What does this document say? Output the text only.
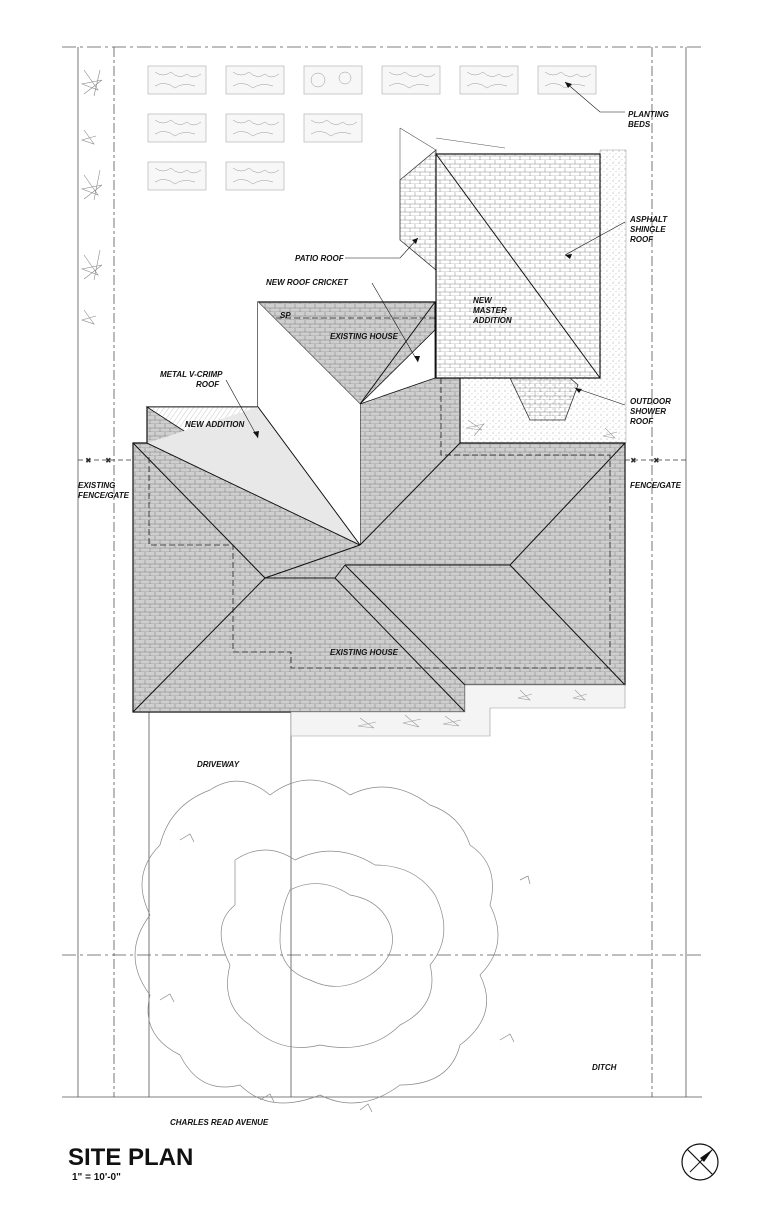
× ×	× ×
PLANTING
BEDS
ASPHALT
SHINGLE
ROOF
PATIO ROOF
NEW ROOF CRICKET
SP
EXISTING HOUSE
NEW
MASTER
ADDITION
METAL V-CRIMP
ROOF
NEW ADDITION
OUTDOOR
SHOWER
ROOF
EXISTING
FENCE/GATE
FENCE/GATE
EXISTING HOUSE
DRIVEWAY
DITCH
CHARLES READ AVENUE
SITE PLAN
1" = 10'-0"
